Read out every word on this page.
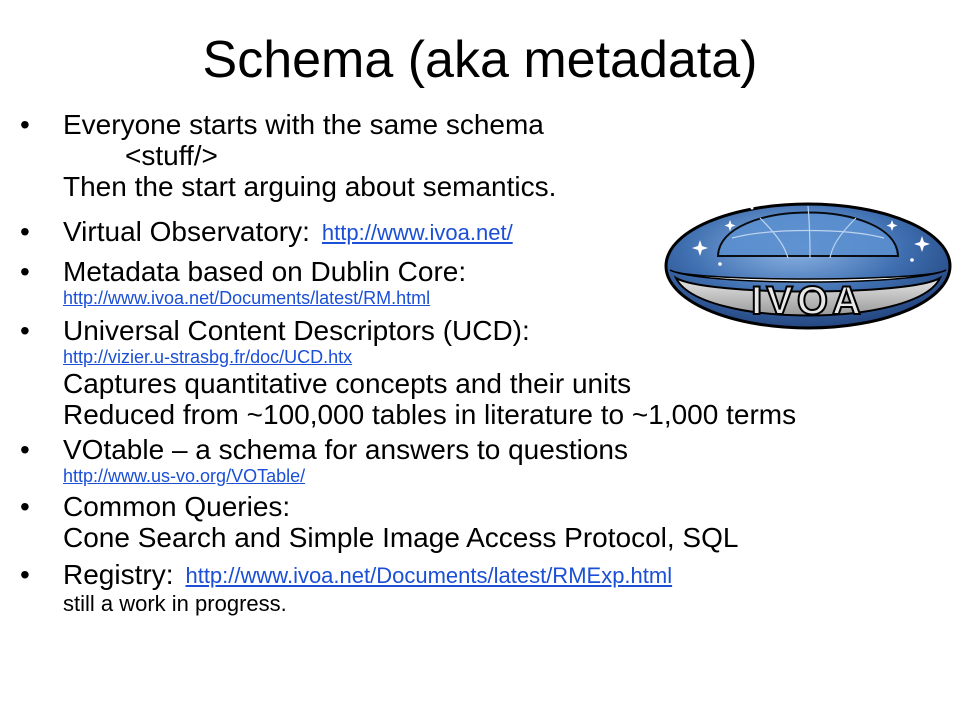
Schema (aka metadata)
• Everyone starts with the same schema
<stuff/>
Then the start arguing about semantics.
• Virtual Observatory: http://www.ivoa.net/
• Metadata based on Dublin Core:
http://www.ivoa.net/Documents/latest/RM.html
• Universal Content Descriptors (UCD):
http://vizier.u-strasbg.fr/doc/UCD.htx
Captures quantitative concepts and their units
Reduced from ~100,000 tables in literature to ~1,000 terms
• VOtable – a schema for answers to questions
http://www.us-vo.org/VOTable/
• Common Queries:
Cone Search and Simple Image Access Protocol, SQL
• Registry: http://www.ivoa.net/Documents/latest/RMExp.html
still a work in progress.
IVOA
